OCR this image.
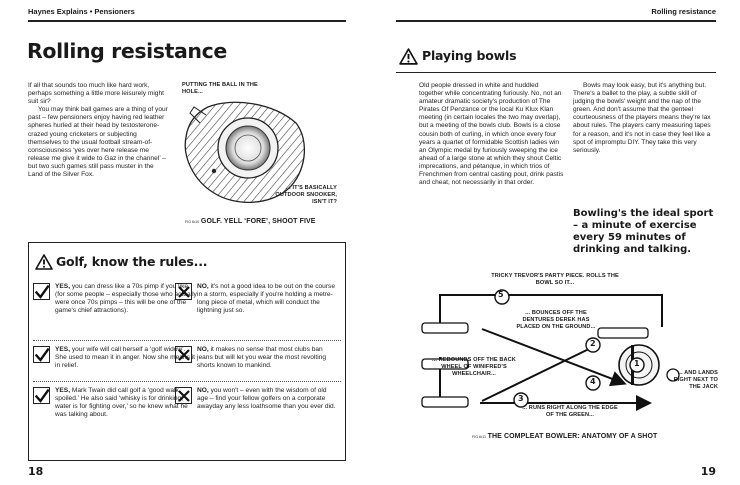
Haynes Explains • Pensioners	Rolling resistance
Rolling resistance

If all that sounds too much like hard work, perhaps something a little more leisurely might suit sir?

You may think ball games are a thing of your past – few pensioners enjoy having red leather spheres hurled at their head by testosterone-crazed young cricketers or subjecting themselves to the usual football stream-of-consciousness ‘yes over here release me release me give it wide to Gaz in the channel’ – but two such games still pass muster in the Land of the Silver Fox.

PUTTING THE BALL IN THE HOLE...
... IT'S BASICALLY OUTDOOR SNOOKER, ISN'T IT?
FIG 6•10 GOLF. YELL ‘FORE’, SHOOT FIVE
Golf, know the rules...
YES, you can dress like a 70s pimp if you like (for some people – especially those who actually were once 70s pimps – this will be one of the game's chief attractions).
NO, it's not a good idea to be out on the course in a storm, especially if you're holding a metre-long piece of metal, which will conduct the lightning just so.
YES, your wife will call herself a ‘golf widow’. She used to mean it in anger. Now she means it in relief.
NO, it makes no sense that most clubs ban jeans but will let you wear the most revolting shorts known to mankind.
YES, Mark Twain did call golf a ‘good walk spoiled.’ He also said ‘whisky is for drinking, water is for fighting over,’ so he knew what he was talking about.
NO, you won't – even with the wisdom of old age – find your fellow golfers on a corporate awayday any less loathsome than you ever did.
18
Playing bowls
Old people dressed in white and huddled together while concentrating furiously. No, not an amateur dramatic society's production of The Pirates Of Penzance or the local Ku Klux Klan meeting (in certain locales the two may overlap), but a meeting of the bowls club. Bowls is a close cousin both of curling, in which once every four years a quartet of formidable Scottish ladies win an Olympic medal by furiously sweeping the ice ahead of a large stone at which they shout Celtic imprecations, and pétanque, in which trios of Frenchmen from central casting pout, drink pastis and cheat, not necessarily in that order.
Bowls may look easy, but it's anything but. There's a ballet to the play, a subtle skill of judging the bowls' weight and the nap of the green. And don't assume that the genteel courteousness of the players means they're lax about rules. The players carry measuring tapes for a reason, and it's not in case they feel like a spot of impromptu DIY. They take this very seriously.
Bowling's the ideal sport – a minute of exercise every 59 minutes of drinking and talking.
TRICKY TREVOR'S PARTY PIECE. ROLLS THE BOWL SO IT...
5
2
4
3
1
... BOUNCES OFF THE DENTURES DEREK HAS PLACED ON THE GROUND...
... REBOUNDS OFF THE BACK WHEEL OF WINIFRED'S WHEELCHAIR...
... RUNS RIGHT ALONG THE EDGE OF THE GREEN...
... AND LANDS RIGHT NEXT TO THE JACK
FIG 6•11 THE COMPLEAT BOWLER: ANATOMY OF A SHOT
19
